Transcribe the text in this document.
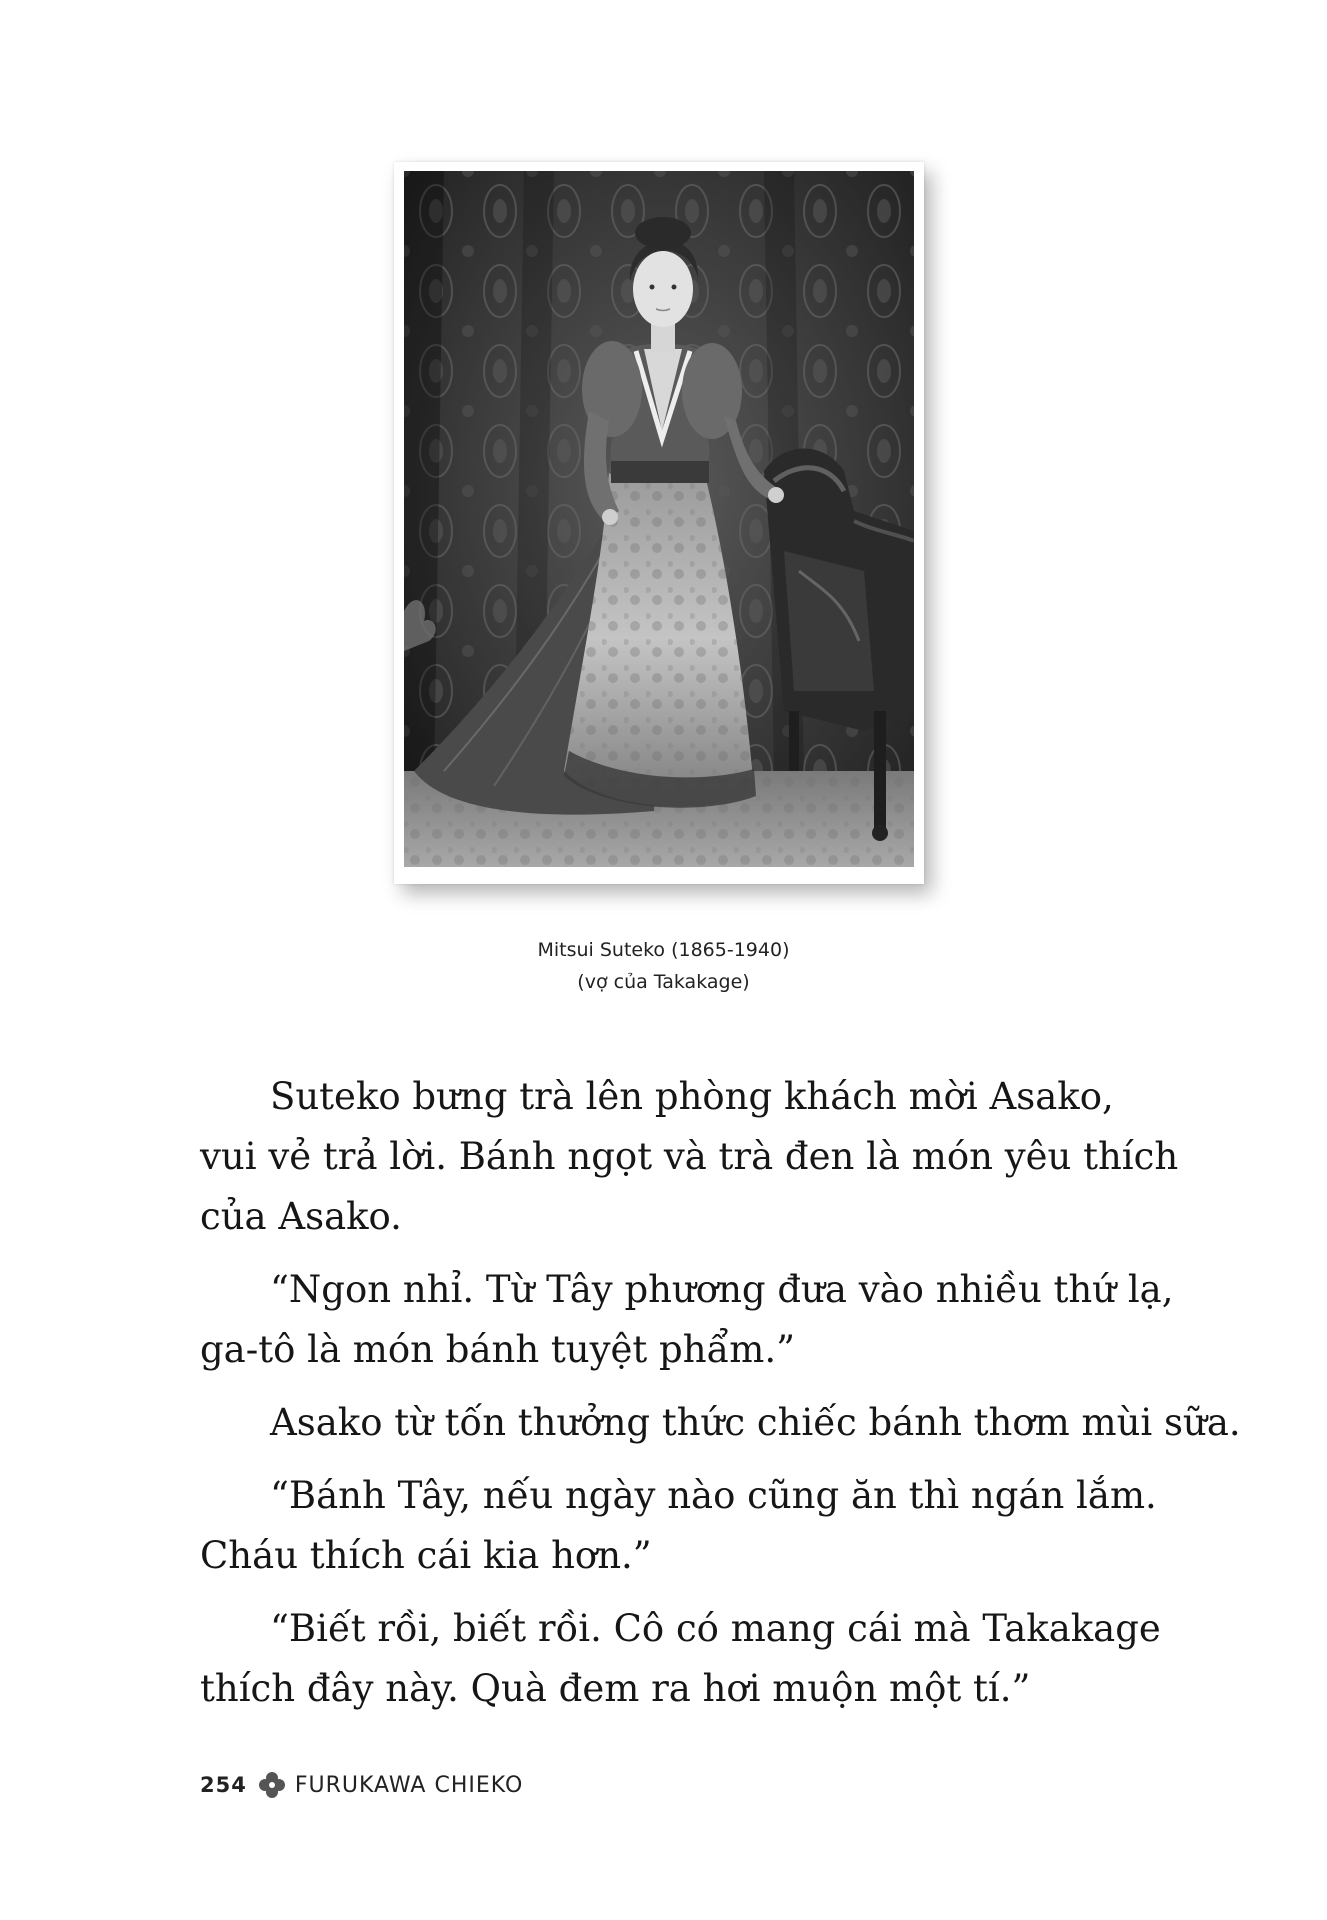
Mitsui Suteko (1865-1940)
(vợ của Takakage)
Suteko bưng trà lên phòng khách mời Asako,
vui vẻ trả lời. Bánh ngọt và trà đen là món yêu thích
của Asako.
“Ngon nhỉ. Từ Tây phương đưa vào nhiều thứ lạ,
ga-tô là món bánh tuyệt phẩm.”
Asako từ tốn thưởng thức chiếc bánh thơm mùi sữa.
“Bánh Tây, nếu ngày nào cũng ăn thì ngán lắm.
Cháu thích cái kia hơn.”
“Biết rồi, biết rồi. Cô có mang cái mà Takakage
thích đây này. Quà đem ra hơi muộn một tí.”
254 FURUKAWA CHIEKO
